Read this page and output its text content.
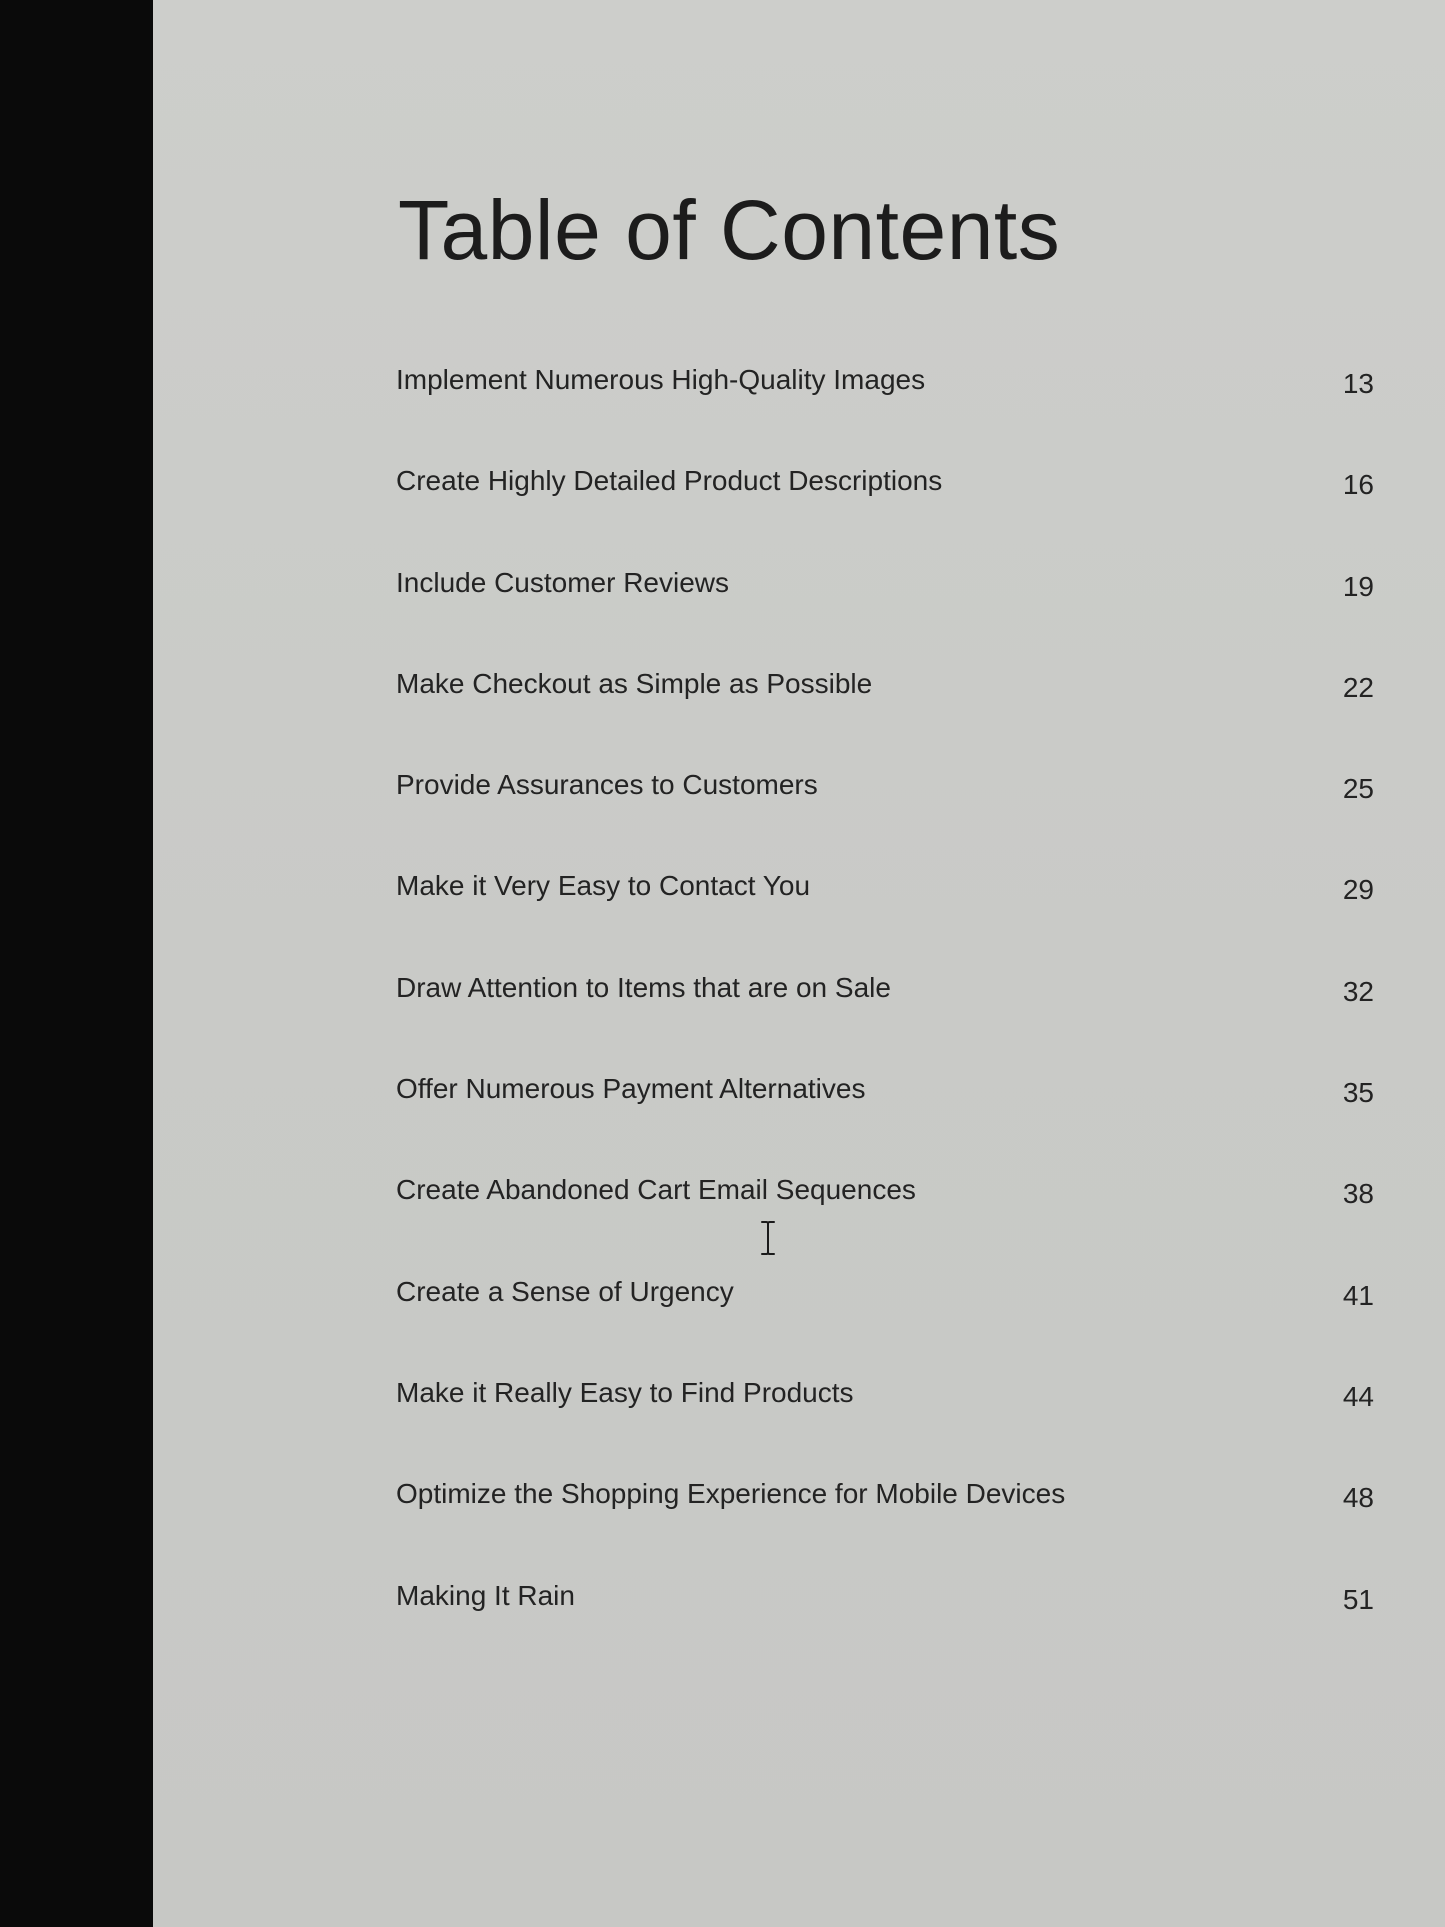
Table of Contents
Implement Numerous High-Quality Images	13
Create Highly Detailed Product Descriptions	16
Include Customer Reviews	19
Make Checkout as Simple as Possible	22
Provide Assurances to Customers	25
Make it Very Easy to Contact You	29
Draw Attention to Items that are on Sale	32
Offer Numerous Payment Alternatives	35
Create Abandoned Cart Email Sequences	38
Create a Sense of Urgency	41
Make it Really Easy to Find Products	44
Optimize the Shopping Experience for Mobile Devices	48
Making It Rain	51
